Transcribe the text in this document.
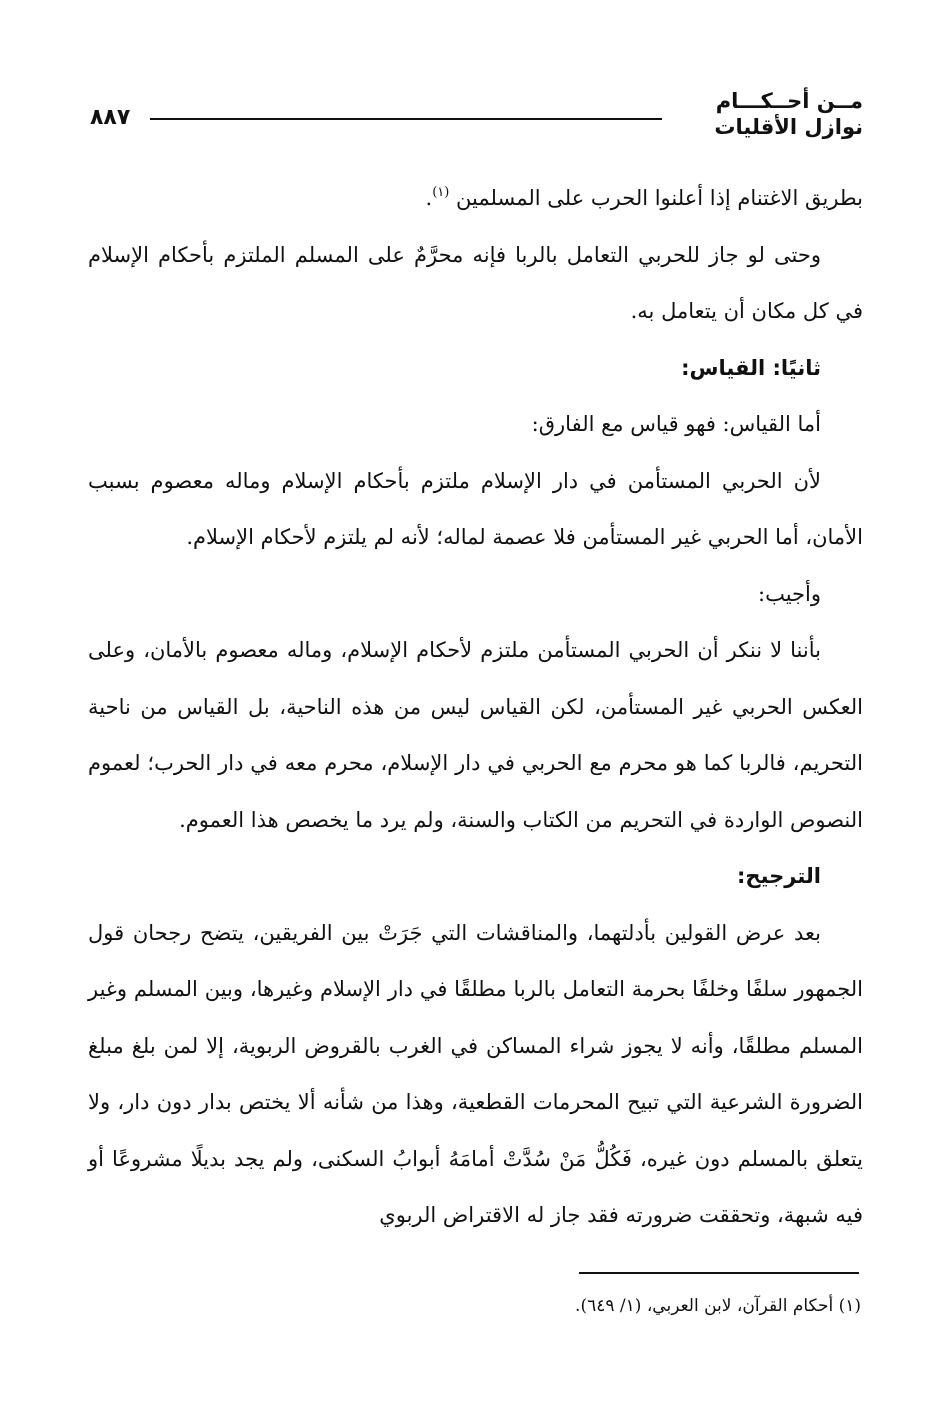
مــن أحــكـــام
نوازل الأقليات
٨٨٧

بطريق الاغتنام إذا أعلنوا الحرب على المسلمين $^{(١)}$.

وحتى لو جاز للحربي التعامل بالربا فإنه محرَّمٌ على المسلم الملتزم بأحكام الإسلام في كل مكان أن يتعامل به.

ثانيًا: القياس:

أما القياس: فهو قياس مع الفارق:

لأن الحربي المستأمن في دار الإسلام ملتزم بأحكام الإسلام وماله معصوم بسبب الأمان، أما الحربي غير المستأمن فلا عصمة لماله؛ لأنه لم يلتزم لأحكام الإسلام.

وأجيب:

بأننا لا ننكر أن الحربي المستأمن ملتزم لأحكام الإسلام، وماله معصوم بالأمان، وعلى العكس الحربي غير المستأمن، لكن القياس ليس من هذه الناحية، بل القياس من ناحية التحريم، فالربا كما هو محرم مع الحربي في دار الإسلام، محرم معه في دار الحرب؛ لعموم النصوص الواردة في التحريم من الكتاب والسنة، ولم يرد ما يخصص هذا العموم.

الترجيح:

بعد عرض القولين بأدلتهما، والمناقشات التي جَرَتْ بين الفريقين، يتضح رجحان قول الجمهور سلفًا وخلفًا بحرمة التعامل بالربا مطلقًا في دار الإسلام وغيرها، وبين المسلم وغير المسلم مطلقًا، وأنه لا يجوز شراء المساكن في الغرب بالقروض الربوية، إلا لمن بلغ مبلغ الضرورة الشرعية التي تبيح المحرمات القطعية، وهذا من شأنه ألا يختص بدار دون دار، ولا يتعلق بالمسلم دون غيره، فَكُلُّ مَنْ سُدَّتْ أمامَهُ أبوابُ السكنى، ولم يجد بديلًا مشروعًا أو فيه شبهة، وتحققت ضرورته فقد جاز له الاقتراض الربوي

(١) أحكام القرآن، لابن العربي، (١/ ٦٤٩).
